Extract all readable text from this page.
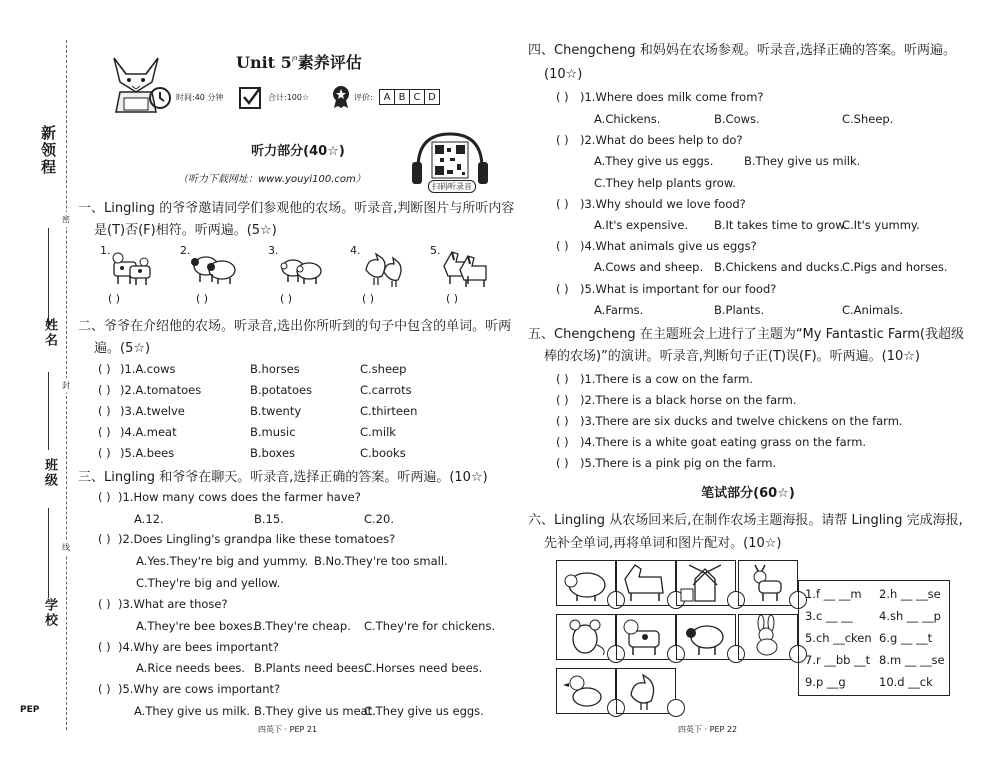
新领程
姓名
班级
学校
密
封
线
PEP
Unit $5^户$素养评估
时间:40 分钟	合计:100☆	评价:	A B C D
听力部分(40☆)
（听力下载网址：www.youyi100.com）
扫码听录音
一、Lingling 的爷爷邀请同学们参观他的农场。听录音,判断图片与所听内容
是(T)否(F)相符。听两遍。(5☆)
1.
( )
2.
( )
3.
( )
4.
( )
5.
( )
二、爷爷在介绍他的农场。听录音,选出你所听到的句子中包含的单词。听两
遍。(5☆)
( ) )1.A.cows	B.horses	C.sheep
( ) )2.A.tomatoes	B.potatoes	C.carrots
( ) )3.A.twelve	B.twenty	C.thirteen
( ) )4.A.meat	B.music	C.milk
( ) )5.A.bees	B.boxes	C.books
三、Lingling 和爷爷在聊天。听录音,选择正确的答案。听两遍。(10☆)
( ) )1.How many cows does the farmer have?
A.12.	B.15.	C.20.
( ) )2.Does Lingling's grandpa like these tomatoes?
A.Yes.They're big and yummy. B.No.They're too small.
C.They're big and yellow.
( ) )3.What are those?
A.They're bee boxes.
B.They're cheap. C.They're for chickens.
( ) )4.Why are bees important?
A.Rice needs bees. B.Plants need bees.
C.Horses need bees.
( ) )5.Why are cows important?
A.They give us milk. B.They give us meat.
C.They give us eggs.
四英下 · PEP 21
四、Chengcheng 和妈妈在农场参观。听录音,选择正确的答案。听两遍。
(10☆)
( ) )1.Where does milk come from?
A.Chickens.	B.Cows.	C.Sheep.
( ) )2.What do bees help to do?
A.They give us eggs.	B.They give us milk.
C.They help plants grow.
( ) )3.Why should we love food?
A.It's expensive. B.It takes time to grow.
C.It's yummy.
( ) )4.What animals give us eggs?
A.Cows and sheep. B.Chickens and ducks.
C.Pigs and horses.
( ) )5.What is important for our food?
A.Farms.	B.Plants.	C.Animals.
五、Chengcheng 在主题班会上进行了主题为“My Fantastic Farm(我超级
棒的农场)”的演讲。听录音,判断句子正(T)误(F)。听两遍。(10☆)
( ) )1.There is a cow on the farm.
( ) )2.There is a black horse on the farm.
( ) )3.There are six ducks and twelve chickens on the farm.
( ) )4.There is a white goat eating grass on the farm.
( ) )5.There is a pink pig on the farm.
笔试部分(60☆)
六、Lingling 从农场回来后,在制作农场主题海报。请帮 Lingling 完成海报,
先补全单词,再将单词和图片配对。(10☆)
1.f __ __m 2.h __ __se
3.c __ __ 4.sh __ __p
5.ch __cken 6.g __ __t
7.r __bb __t 8.m __ __se
9.p __g	10.d __ck
四英下 · PEP 22
